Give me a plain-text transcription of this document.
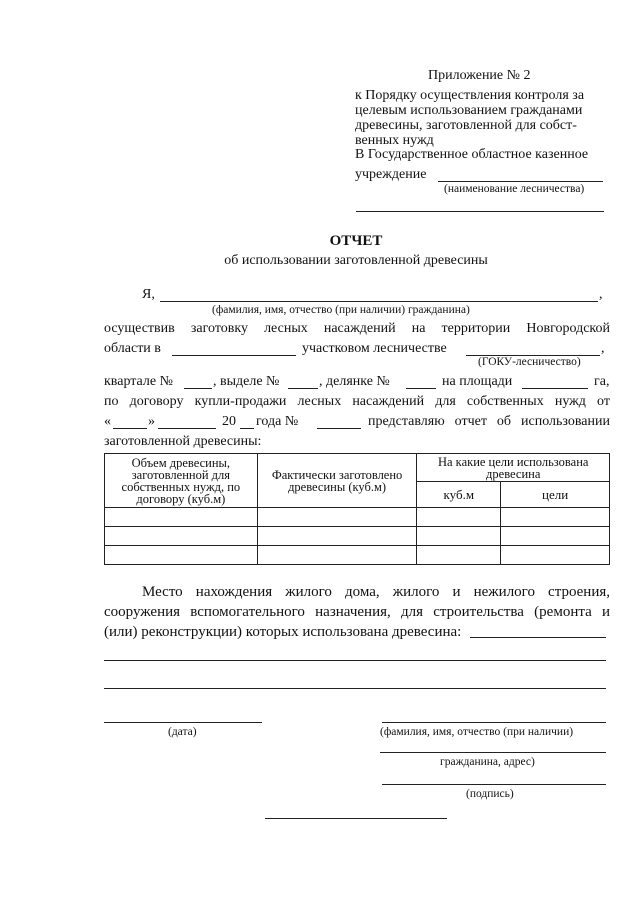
Приложение № 2
к Порядку осуществления контроля за
целевым использованием гражданами
древесины, заготовленной для собст-
венных нужд
В Государственное областное казенное
учреждение
(наименование лесничества)
ОТЧЕТ
об использовании заготовленной древесины
Я,	,
(фамилия, имя, отчество (при наличии) гражданина)
осуществив заготовку лесных насаждений на территории Новгородской
области в	участковом лесничестве	,
(ГОКУ-лесничество)
кварталe №	, выделе №	, делянке №	на площади	га,
по договору купли-продажи лесных насаждений для собственных нужд от
«	»	20 года №	представляю отчет об использовании
заготовленной древесины:
Объем древесины, заготовленной для собственных нужд, по договору (куб.м)	Фактически заготовлено древесины (куб.м)	На какие цели использована древесина	
		куб.м	цели

Место нахождения жилого дома, жилого и нежилого строения,
сооружения вспомогательного назначения, для строительства (ремонта и
(или) реконструкции) которых использована древесина:
(дата)	(фамилия, имя, отчество (при наличии)
гражданина, адрес)
(подпись)
